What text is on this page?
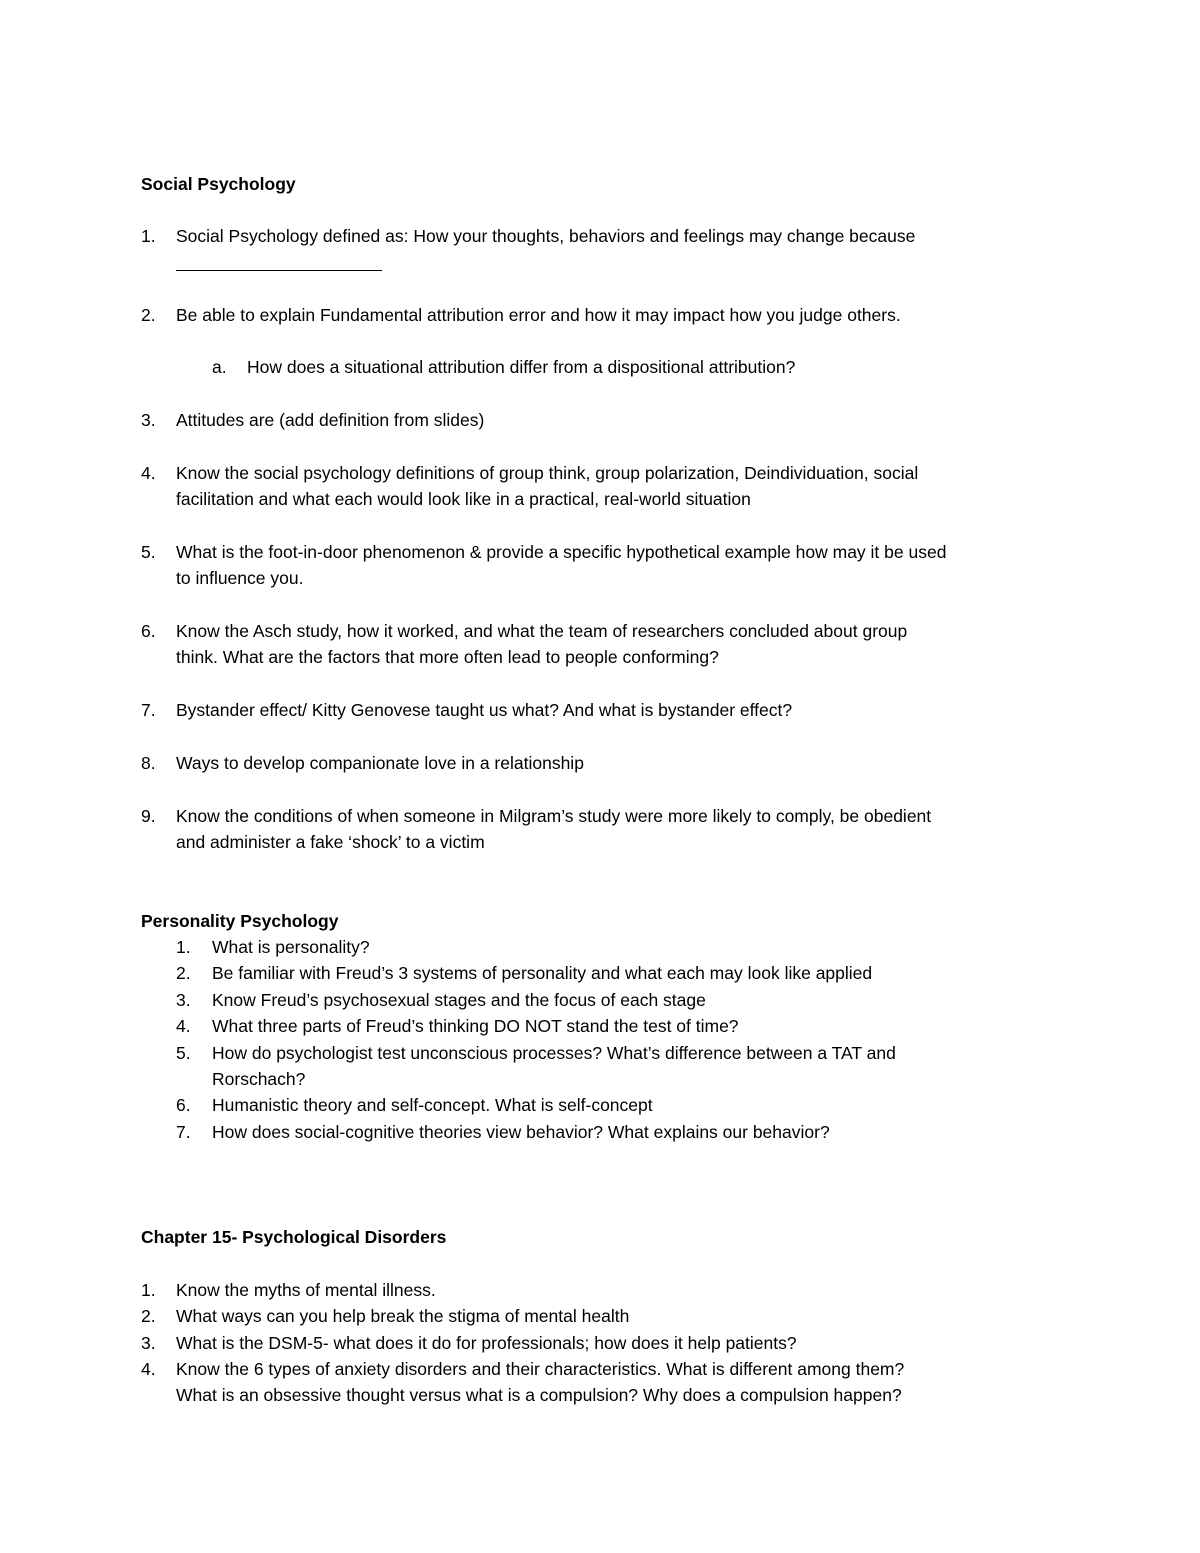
Social Psychology
1. Social Psychology defined as: How your thoughts, behaviors and feelings may change because
2. Be able to explain Fundamental attribution error and how it may impact how you judge others.
a. How does a situational attribution differ from a dispositional attribution?
3. Attitudes are (add definition from slides)
4. Know the social psychology definitions of group think, group polarization, Deindividuation, social
facilitation and what each would look like in a practical, real-world situation
5. What is the foot-in-door phenomenon & provide a specific hypothetical example how may it be used
to influence you.
6. Know the Asch study, how it worked, and what the team of researchers concluded about group
think. What are the factors that more often lead to people conforming?
7. Bystander effect/ Kitty Genovese taught us what? And what is bystander effect?
8. Ways to develop companionate love in a relationship
9. Know the conditions of when someone in Milgram’s study were more likely to comply, be obedient
and administer a fake ‘shock’ to a victim
Personality Psychology
1. What is personality?
2. Be familiar with Freud’s 3 systems of personality and what each may look like applied
3. Know Freud’s psychosexual stages and the focus of each stage
4. What three parts of Freud’s thinking DO NOT stand the test of time?
5. How do psychologist test unconscious processes? What’s difference between a TAT and
Rorschach?
6. Humanistic theory and self-concept. What is self-concept
7. How does social-cognitive theories view behavior? What explains our behavior?
Chapter 15- Psychological Disorders
1. Know the myths of mental illness.
2. What ways can you help break the stigma of mental health
3. What is the DSM-5- what does it do for professionals; how does it help patients?
4. Know the 6 types of anxiety disorders and their characteristics. What is different among them?
What is an obsessive thought versus what is a compulsion? Why does a compulsion happen?
